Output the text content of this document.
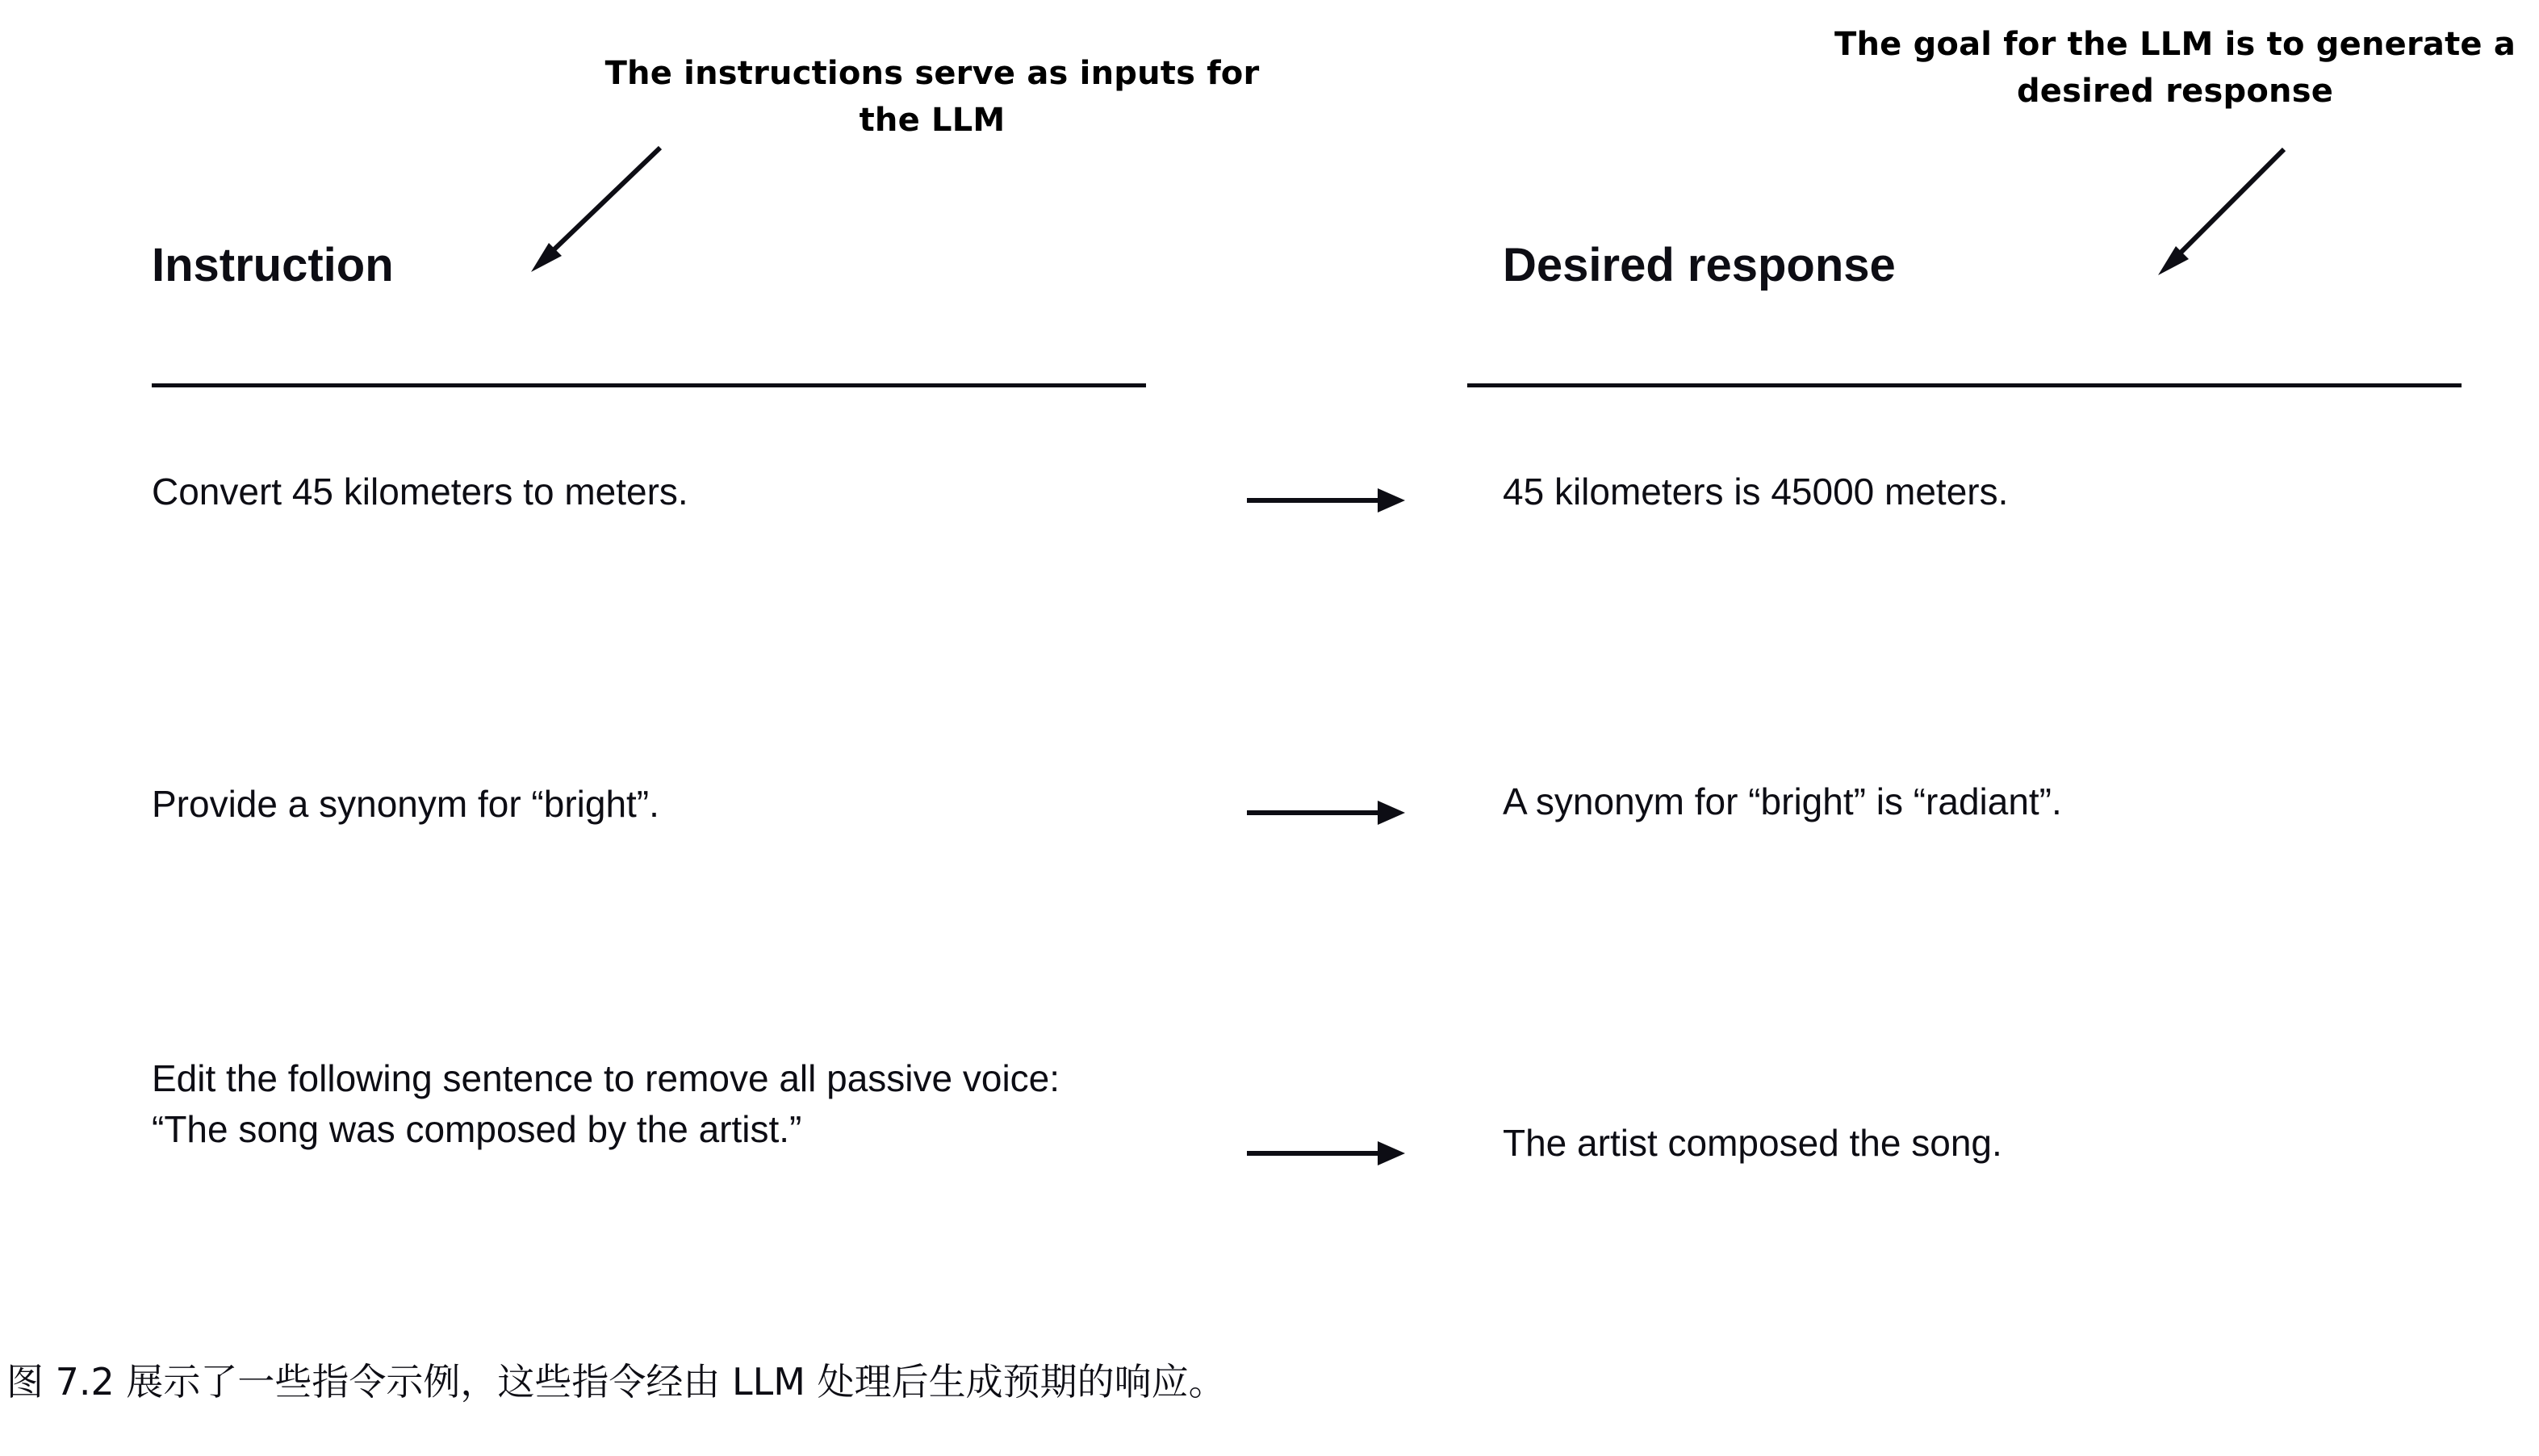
The instructions serve as inputs for the LLM
The goal for the LLM is to generate a desired response
Instruction	Desired response
Convert 45 kilometers to meters.	45 kilometers is 45000 meters.
Provide a synonym for “bright”.	A synonym for “bright” is “radiant”.
Edit the following sentence to remove all passive voice: “The song was composed by the artist.”	The artist composed the song.
图 7.2 展示了一些指令示例，这些指令经由 LLM 处理后生成预期的响应。
